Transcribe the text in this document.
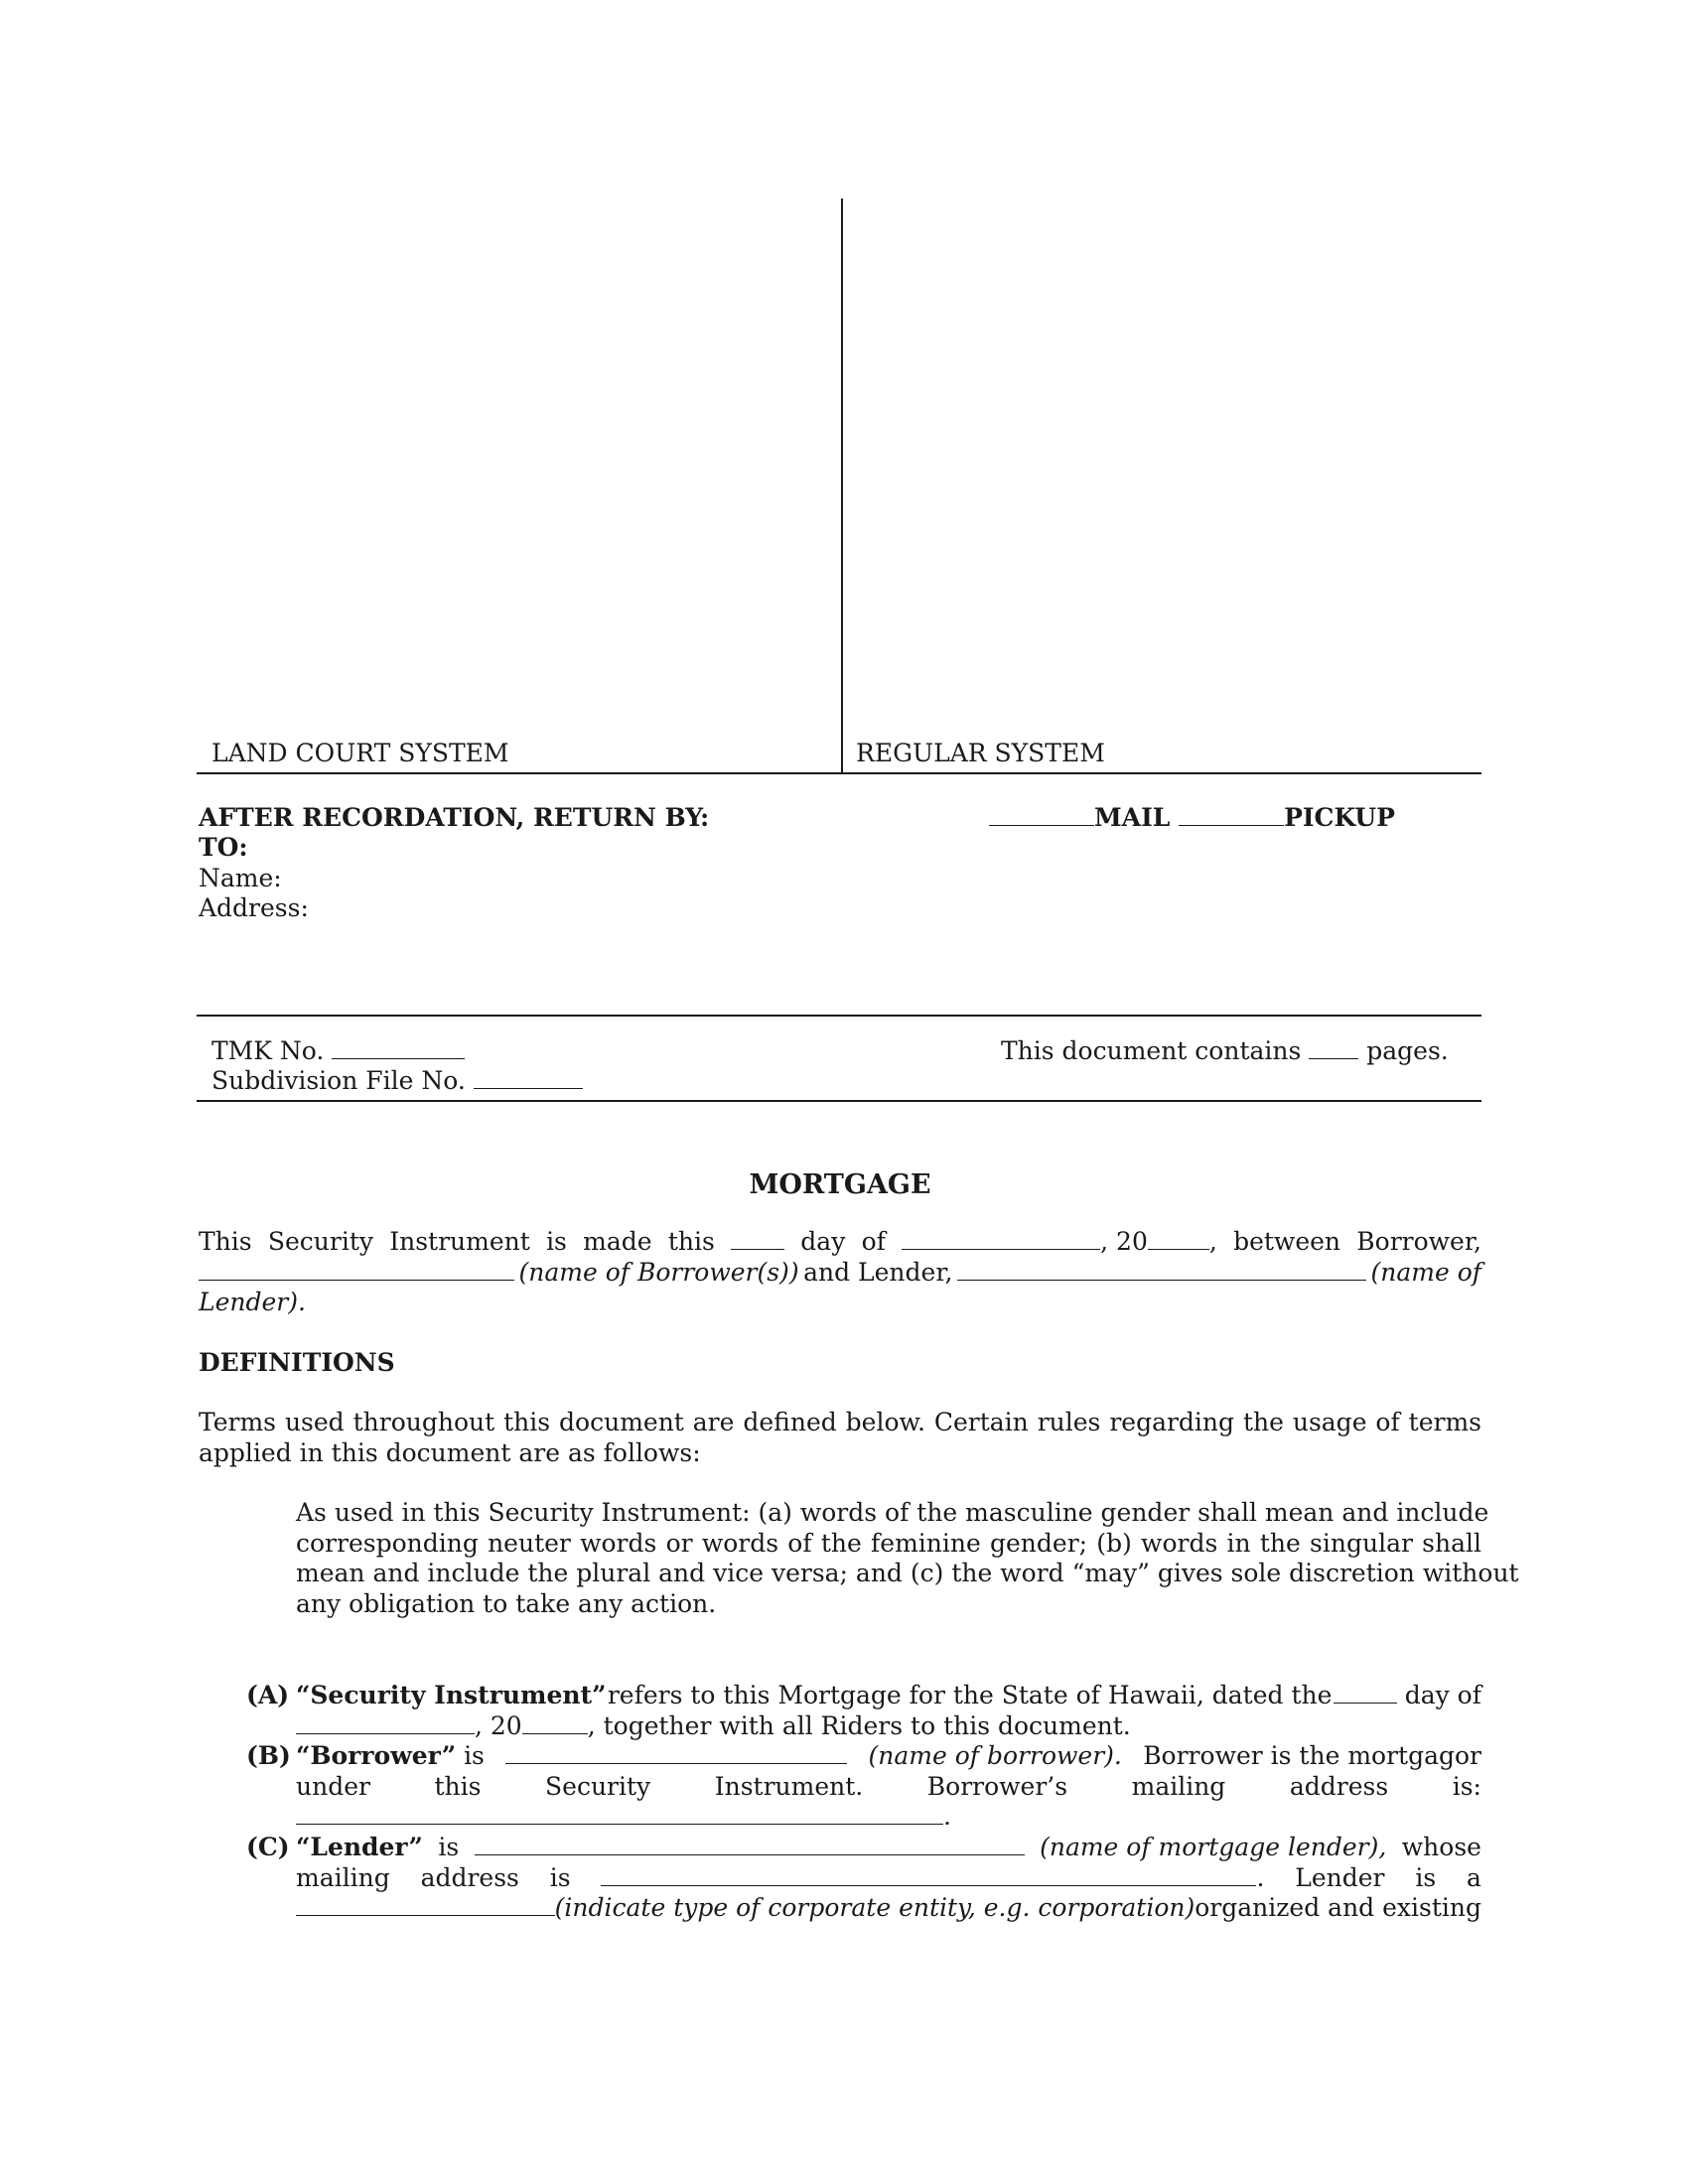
LAND COURT SYSTEM	REGULAR SYSTEM
AFTER RECORDATION, RETURN BY:
TO:
Name:
Address:
MAIL	PICKUP
TMK No.
Subdivision File No.
This document contains	pages.
MORTGAGE
This Security Instrument is made this	day of	, 20 , between Borrower,
(name of Borrower(s)) and Lender,	(name of
Lender).
DEFINITIONS
Terms used throughout this document are defined below. Certain rules regarding the usage of terms
applied in this document are as follows:
As used in this Security Instrument: (a) words of the masculine gender shall mean and include
corresponding neuter words or words of the feminine gender; (b) words in the singular shall
mean and include the plural and vice versa; and (c) the word “may” gives sole discretion without
any obligation to take any action.
(A) “Security Instrument” refers to this Mortgage for the State of Hawaii, dated the	day of
, 20	, together with all Riders to this document.
(B) “Borrower” is	(name of borrower). Borrower is the mortgagor
under	this	Security	Instrument.	Borrower’s	mailing	address	is:
.
(C) “Lender” is	(name of mortgage lender), whose
mailing address is	. Lender is a
(indicate type of corporate entity, e.g. corporation) organized and existing
